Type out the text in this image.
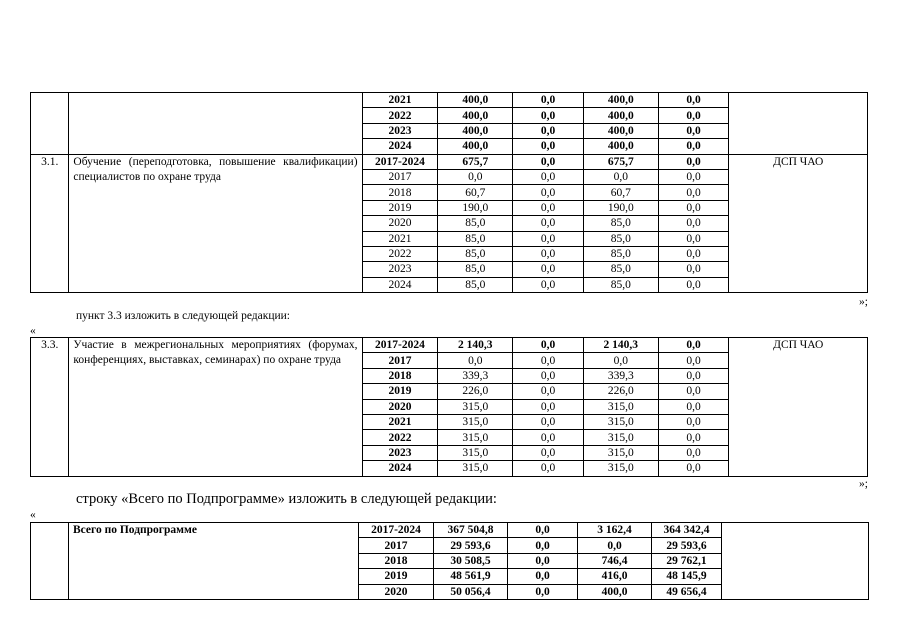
		2021	400,0	0,0	400,0	0,0	
		2022	400,0	0,0	400,0	0,0	
		2023	400,0	0,0	400,0	0,0	
		2024	400,0	0,0	400,0	0,0	
3.1.	Обучение (переподготовка, повышение квалификации) специалистов по охране труда	2017-2024	675,7	0,0	675,7	0,0	ДСП ЧАО
		2017	0,0	0,0	0,0	0,0	
		2018	60,7	0,0	60,7	0,0	
		2019	190,0	0,0	190,0	0,0	
		2020	85,0	0,0	85,0	0,0	
		2021	85,0	0,0	85,0	0,0	
		2022	85,0	0,0	85,0	0,0	
		2023	85,0	0,0	85,0	0,0	
		2024	85,0	0,0	85,0	0,0	
»;
пункт 3.3 изложить в следующей редакции:
«
3.3.	Участие в межрегиональных мероприятиях (форумах, конференциях, выставках, семинарах) по охране труда	2017-2024	2 140,3	0,0	2 140,3	0,0	ДСП ЧАО
		2017	0,0	0,0	0,0	0,0	
		2018	339,3	0,0	339,3	0,0	
		2019	226,0	0,0	226,0	0,0	
		2020	315,0	0,0	315,0	0,0	
		2021	315,0	0,0	315,0	0,0	
		2022	315,0	0,0	315,0	0,0	
		2023	315,0	0,0	315,0	0,0	
		2024	315,0	0,0	315,0	0,0	
»;
строку «Всего по Подпрограмме» изложить в следующей редакции:
«
	Всего по Подпрограмме	2017-2024	367 504,8	0,0	3 162,4	364 342,4	
		2017	29 593,6	0,0	0,0	29 593,6	
		2018	30 508,5	0,0	746,4	29 762,1	
		2019	48 561,9	0,0	416,0	48 145,9	
		2020	50 056,4	0,0	400,0	49 656,4	
